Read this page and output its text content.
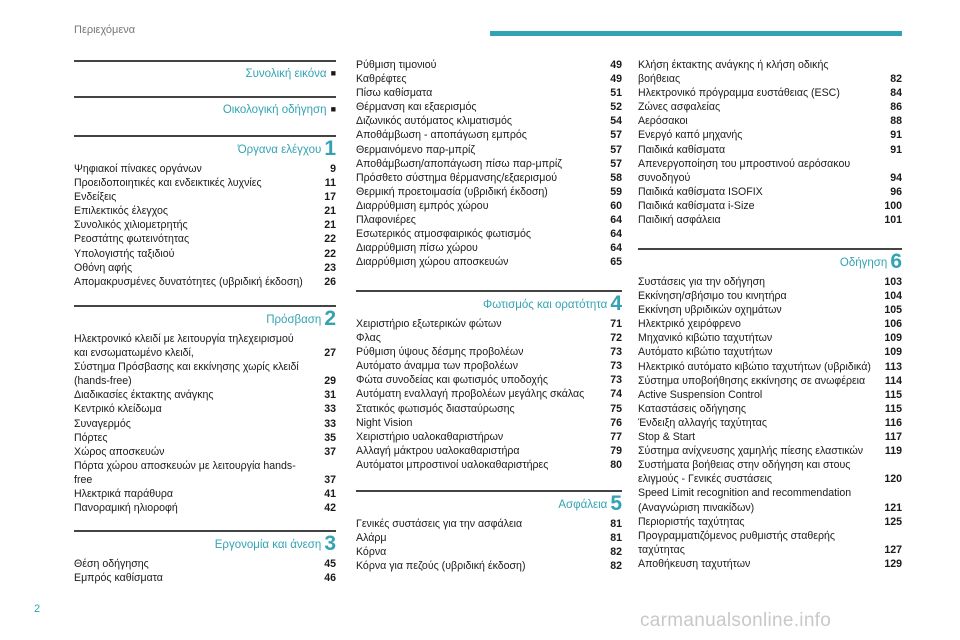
Περιεχόμενα
Συνολική εικόνα ■
Οικολογική οδήγηση ■
Όργανα ελέγχου 1
Ψηφιακοί πίνακες οργάνων	9
Προειδοποιητικές και ενδεικτικές λυχνίες	11
Ενδείξεις	17
Επιλεκτικός έλεγχος	21
Συνολικός χιλιομετρητής	21
Ρεοστάτης φωτεινότητας	22
Υπολογιστής ταξιδιού	22
Οθόνη αφής	23
Απομακρυσμένες δυνατότητες (υβριδική έκδοση)	26
Πρόσβαση 2
Ηλεκτρονικό κλειδί με λειτουργία τηλεχειρισμού και ενσωματωμένο κλειδί,	27
Σύστημα Πρόσβασης και εκκίνησης χωρίς κλειδί (hands-free)	29
Διαδικασίες έκτακτης ανάγκης	31
Κεντρικό κλείδωμα	33
Συναγερμός	33
Πόρτες	35
Χώρος αποσκευών	37
Πόρτα χώρου αποσκευών με λειτουργία hands-free	37
Ηλεκτρικά παράθυρα	41
Πανοραμική ηλιοροφή	42
Εργονομία και άνεση 3
Θέση οδήγησης	45
Εμπρός καθίσματα	46
Ρύθμιση τιμονιού	49
Καθρέφτες	49
Πίσω καθίσματα	51
Θέρμανση και εξαερισμός	52
Διζωνικός αυτόματος κλιματισμός	54
Αποθάμβωση - αποπάγωση εμπρός	57
Θερμαινόμενο παρ-μπρίζ	57
Αποθάμβωση/αποπάγωση πίσω παρ-μπρίζ	57
Πρόσθετο σύστημα θέρμανσης/εξαερισμού	58
Θερμική προετοιμασία (υβριδική έκδοση)	59
Διαρρύθμιση εμπρός χώρου	60
Πλαφονιέρες	64
Εσωτερικός ατμοσφαιρικός φωτισμός	64
Διαρρύθμιση πίσω χώρου	64
Διαρρύθμιση χώρου αποσκευών	65
Φωτισμός και ορατότητα 4
Χειριστήριο εξωτερικών φώτων	71
Φλας	72
Ρύθμιση ύψους δέσμης προβολέων	73
Αυτόματο άναμμα των προβολέων	73
Φώτα συνοδείας και φωτισμός υποδοχής	73
Αυτόματη εναλλαγή προβολέων μεγάλης σκάλας	74
Στατικός φωτισμός διασταύρωσης	75
Night Vision	76
Χειριστήριο υαλοκαθαριστήρων	77
Αλλαγή μάκτρου υαλοκαθαριστήρα	79
Αυτόματοι μπροστινοί υαλοκαθαριστήρες	80
Ασφάλεια 5
Γενικές συστάσεις για την ασφάλεια	81
Αλάρμ	81
Κόρνα	82
Κόρνα για πεζούς (υβριδική έκδοση)	82
Κλήση έκτακτης ανάγκης ή κλήση οδικής βοήθειας	82
Ηλεκτρονικό πρόγραμμα ευστάθειας (ESC)	84
Ζώνες ασφαλείας	86
Αερόσακοι	88
Ενεργό καπό μηχανής	91
Παιδικά καθίσματα	91
Απενεργοποίηση του μπροστινού αερόσακου συνοδηγού	94
Παιδικά καθίσματα ISOFIX	96
Παιδικά καθίσματα i-Size	100
Παιδική ασφάλεια	101
Οδήγηση 6
Συστάσεις για την οδήγηση	103
Εκκίνηση/σβήσιμο του κινητήρα	104
Εκκίνηση υβριδικών οχημάτων	105
Ηλεκτρικό χειρόφρενο	106
Μηχανικό κιβώτιο ταχυτήτων	109
Αυτόματο κιβώτιο ταχυτήτων	109
Ηλεκτρικό αυτόματο κιβώτιο ταχυτήτων (υβριδικά)	113
Σύστημα υποβοήθησης εκκίνησης σε ανωφέρεια	114
Active Suspension Control	115
Καταστάσεις οδήγησης	115
Ένδειξη αλλαγής ταχύτητας	116
Stop & Start	117
Σύστημα ανίχνευσης χαμηλής πίεσης ελαστικών	119
Συστήματα βοήθειας στην οδήγηση και στους ελιγμούς - Γενικές συστάσεις	120
Speed Limit recognition and recommendation (Αναγνώριση πινακίδων)	121
Περιοριστής ταχύτητας	125
Προγραμματιζόμενος ρυθμιστής σταθερής ταχύτητας	127
Αποθήκευση ταχυτήτων	129
2
carmanualsonline.info
